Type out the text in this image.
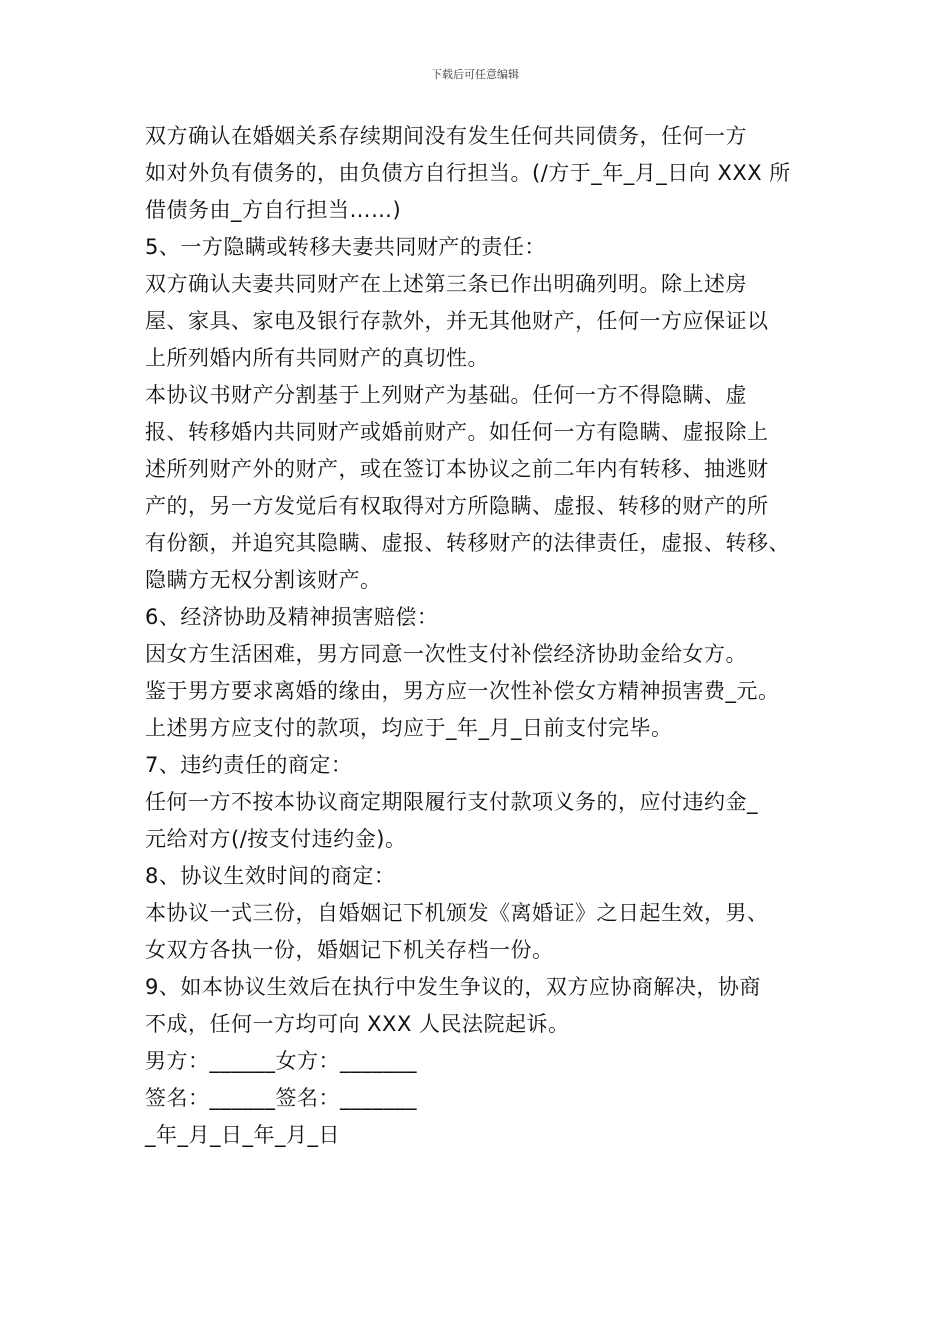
下载后可任意编辑
双方确认在婚姻关系存续期间没有发生任何共同债务，任何一方
如对外负有债务的，由负债方自行担当。(/方于_年_月_日向 XXX 所
借债务由_方自行担当……)
5、一方隐瞒或转移夫妻共同财产的责任：
双方确认夫妻共同财产在上述第三条已作出明确列明。除上述房
屋、家具、家电及银行存款外，并无其他财产，任何一方应保证以
上所列婚内所有共同财产的真切性。
本协议书财产分割基于上列财产为基础。任何一方不得隐瞒、虚
报、转移婚内共同财产或婚前财产。如任何一方有隐瞒、虚报除上
述所列财产外的财产，或在签订本协议之前二年内有转移、抽逃财
产的，另一方发觉后有权取得对方所隐瞒、虚报、转移的财产的所
有份额，并追究其隐瞒、虚报、转移财产的法律责任，虚报、转移、
隐瞒方无权分割该财产。
6、经济协助及精神损害赔偿：
因女方生活困难，男方同意一次性支付补偿经济协助金给女方。
鉴于男方要求离婚的缘由，男方应一次性补偿女方精神损害费_元。
上述男方应支付的款项，均应于_年_月_日前支付完毕。
7、违约责任的商定：
任何一方不按本协议商定期限履行支付款项义务的，应付违约金_
元给对方(/按支付违约金)。
8、协议生效时间的商定：
本协议一式三份，自婚姻记下机颁发《离婚证》之日起生效，男、
女双方各执一份，婚姻记下机关存档一份。
9、如本协议生效后在执行中发生争议的，双方应协商解决，协商
不成，任何一方均可向 XXX 人民法院起诉。
男方：______女方：_______
签名：______签名：_______
_年_月_日_年_月_日
